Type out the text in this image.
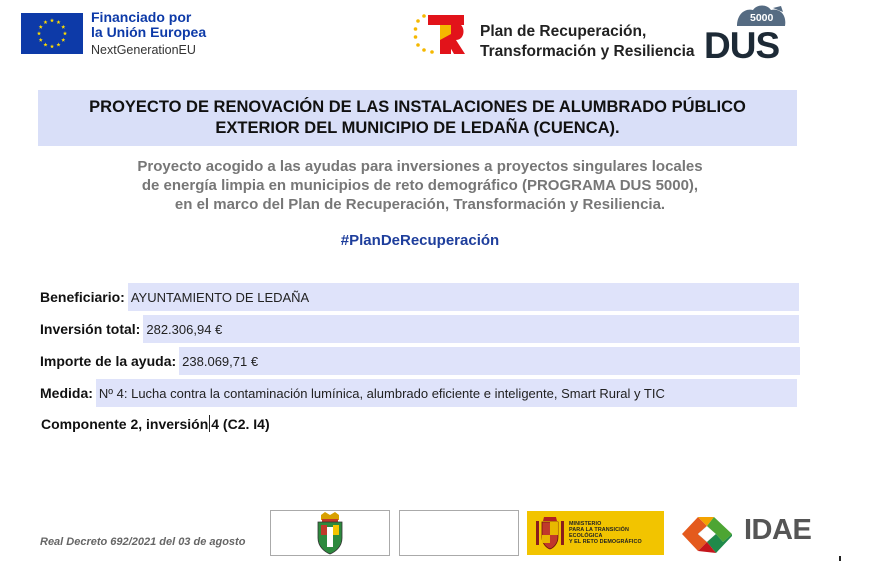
Financiado por
la Unión Europea
NextGenerationEU
Plan de Recuperación,
Transformación y Resiliencia
5000
DUS
PROYECTO DE RENOVACIÓN DE LAS INSTALACIONES DE ALUMBRADO PÚBLICO
EXTERIOR DEL MUNICIPIO DE LEDAÑA (CUENCA).
Proyecto acogido a las ayudas para inversiones a proyectos singulares locales
de energía limpia en municipios de reto demográfico (PROGRAMA DUS 5000),
en el marco del Plan de Recuperación, Transformación y Resiliencia.
#PlanDeRecuperación
Beneficiario: AYUNTAMIENTO DE LEDAÑA
Inversión total: 282.306,94 €
Importe de la ayuda: 238.069,71 €
Medida: Nº 4: Lucha contra la contaminación lumínica, alumbrado eficiente e inteligente, Smart Rural y TIC
Componente 2, inversión 4 (C2. I4)
Real Decreto 692/2021 del 03 de agosto
MINISTERIO
PARA LA TRANSICIÓN ECOLÓGICA
Y EL RETO DEMOGRÁFICO	IDAE
